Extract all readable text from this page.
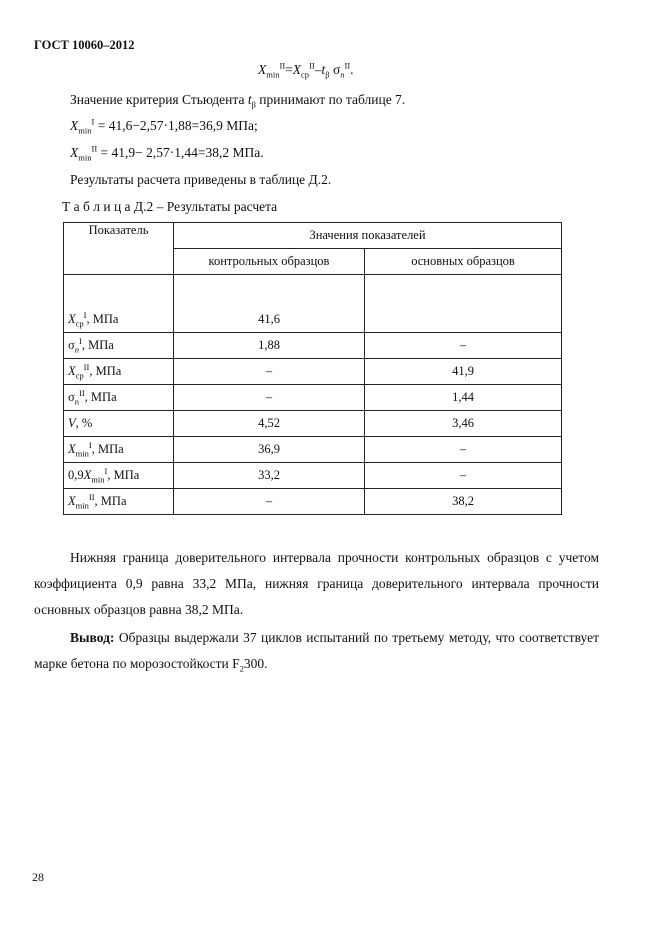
ГОСТ 10060–2012
$X_{min}^{II}=X_{ср}^{II}-t_\beta$ $\sigma_n^{II}$.
Значение критерия Стьюдента $t_\beta$ принимают по таблице 7.
$X_{min}^I = 41,6-2,57\cdot 1,88=36,9$ МПа;
$X_{min}^{II} = 41,9- 2,57\cdot 1,44=38,2$ МПа.
Результаты расчета приведены в таблице Д.2.
Т а б л и ц а Д.2 – Результаты расчета
Показатель	Значения показателей	
	контрольных образцов	основных образцов
$X_{ср}^I$, МПа	41,6	
$\sigma_n^I$, МПа	1,88	–
$X_{ср}^{II}$, МПа	–	41,9
$\sigma_n^{II}$, МПа	–	1,44
V, %	4,52	3,46
$X_{min}^I$, МПа	36,9	–
$0,9X_{min}^I$, МПа	33,2	–
$X_{min}^{II}$, МПа	–	38,2
Нижняя граница доверительного интервала прочности контрольных образцов с учетом коэффициента 0,9 равна 33,2 МПа, нижняя граница доверительного интервала прочности основных образцов равна 38,2 МПа.
Вывод: Образцы выдержали 37 циклов испытаний по третьему методу, что соответствует марке бетона по морозостойкости $F_2300$.
28
